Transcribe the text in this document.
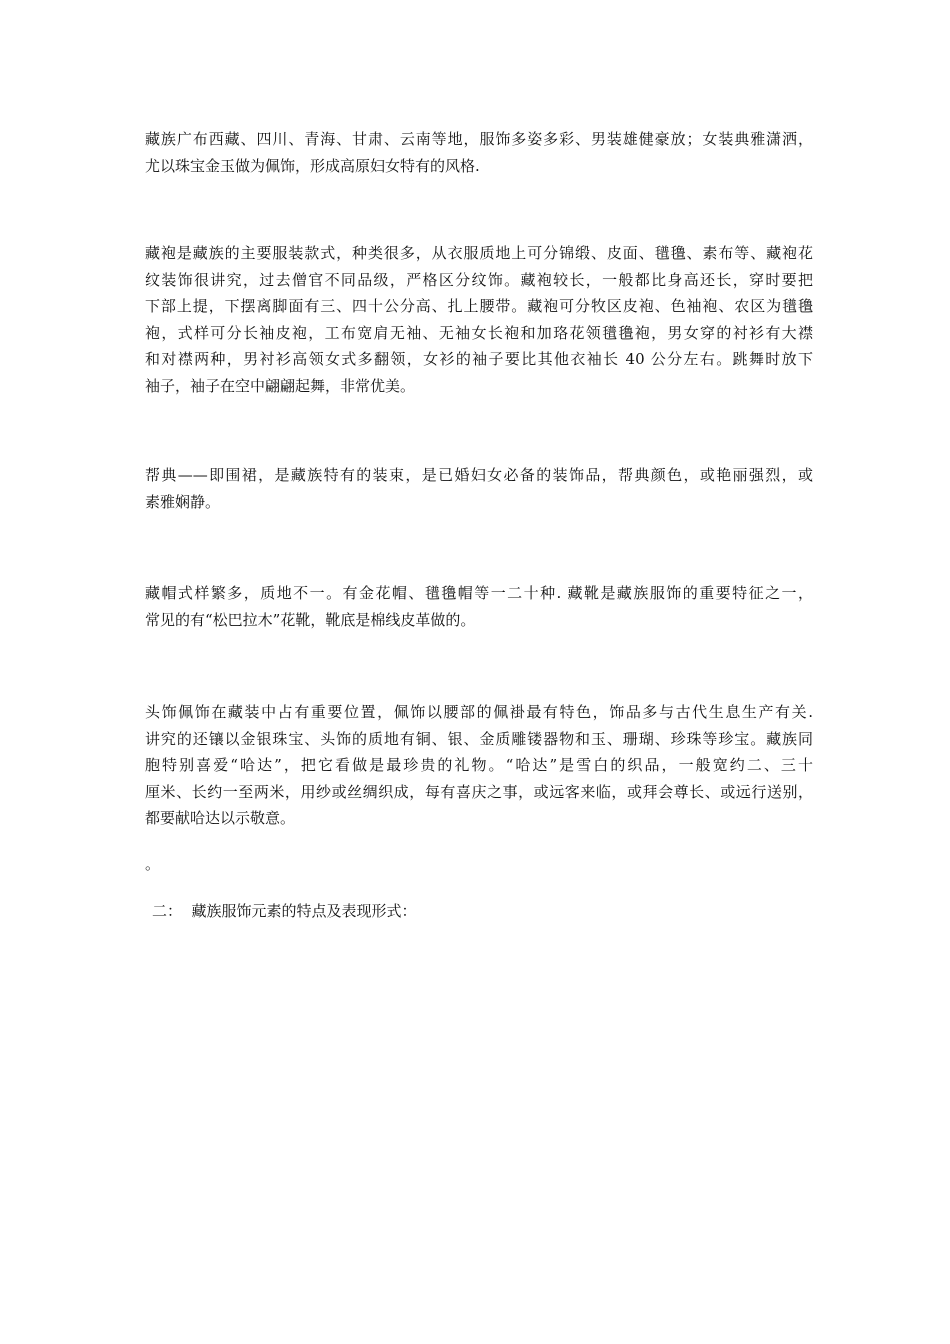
藏族广布西藏、四川、青海、甘肃、云南等地，服饰多姿多彩、男装雄健豪放；女装典雅潇洒，
尤以珠宝金玉做为佩饰，形成高原妇女特有的风格.
藏袍是藏族的主要服装款式，种类很多，从衣服质地上可分锦缎、皮面、氆氇、素布等、藏袍花
纹装饰很讲究，过去僧官不同品级，严格区分纹饰。藏袍较长，一般都比身高还长，穿时要把
下部上提，下摆离脚面有三、四十公分高、扎上腰带。藏袍可分牧区皮袍、色袖袍、农区为氆氇
袍，式样可分长袖皮袍，工布宽肩无袖、无袖女长袍和加珞花领氆氇袍，男女穿的衬衫有大襟
和对襟两种，男衬衫高领女式多翻领，女衫的袖子要比其他衣袖长 40 公分左右。跳舞时放下
袖子，袖子在空中翩翩起舞，非常优美。
帮典——即围裙，是藏族特有的装束，是已婚妇女必备的装饰品，帮典颜色，或艳丽强烈，或
素雅娴静。
藏帽式样繁多，质地不一。有金花帽、氆氇帽等一二十种. 藏靴是藏族服饰的重要特征之一，
常见的有“松巴拉木”花靴，靴底是棉线皮革做的。
头饰佩饰在藏装中占有重要位置，佩饰以腰部的佩褂最有特色，饰品多与古代生息生产有关.
讲究的还镶以金银珠宝、头饰的质地有铜、银、金质雕镂器物和玉、珊瑚、珍珠等珍宝。藏族同
胞特别喜爱“哈达”，把它看做是最珍贵的礼物。“哈达”是雪白的织品，一般宽约二、三十
厘米、长约一至两米，用纱或丝绸织成，每有喜庆之事，或远客来临，或拜会尊长、或远行送别，
都要献哈达以示敬意。
。
二：  藏族服饰元素的特点及表现形式：
